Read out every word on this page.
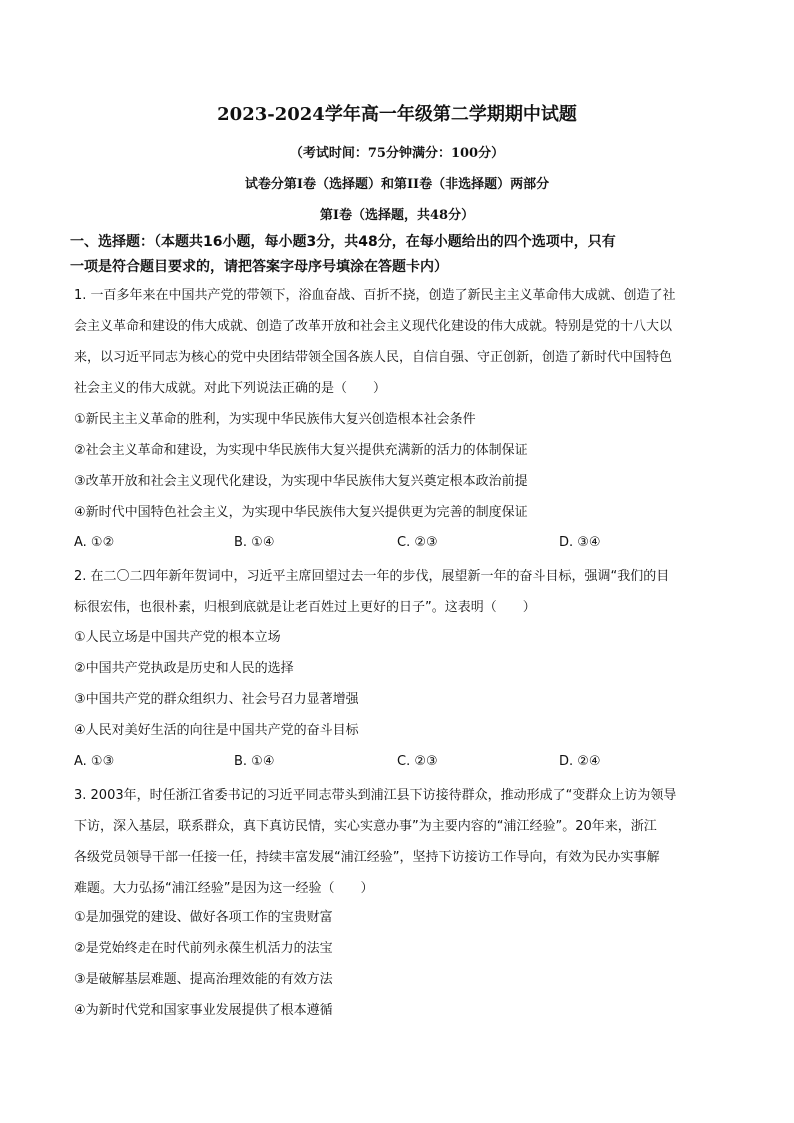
2023-2024学年高一年级第二学期期中试题
（考试时间：75分钟满分：100分）
试卷分第Ⅰ卷（选择题）和第II卷（非选择题）两部分
第Ⅰ卷（选择题，共48分）
一、选择题：（本题共16小题，每小题3分，共48分，在每小题给出的四个选项中，只有
一项是符合题目要求的，请把答案字母序号填涂在答题卡内）
1. 一百多年来在中国共产党的带领下，浴血奋战、百折不挠，创造了新民主主义革命伟大成就、创造了社
会主义革命和建设的伟大成就、创造了改革开放和社会主义现代化建设的伟大成就。特别是党的十八大以
来，以习近平同志为核心的党中央团结带领全国各族人民，自信自强、守正创新，创造了新时代中国特色
社会主义的伟大成就。对此下列说法正确的是（　　）
①新民主主义革命的胜利，为实现中华民族伟大复兴创造根本社会条件
②社会主义革命和建设，为实现中华民族伟大复兴提供充满新的活力的体制保证
③改革开放和社会主义现代化建设，为实现中华民族伟大复兴奠定根本政治前提
④新时代中国特色社会主义，为实现中华民族伟大复兴提供更为完善的制度保证
A. ①②	B. ①④	C. ②③	D. ③④
2. 在二〇二四年新年贺词中，习近平主席回望过去一年的步伐，展望新一年的奋斗目标，强调“我们的目
标很宏伟，也很朴素，归根到底就是让老百姓过上更好的日子”。这表明（　　）
①人民立场是中国共产党的根本立场
②中国共产党执政是历史和人民的选择
③中国共产党的群众组织力、社会号召力显著增强
④人民对美好生活的向往是中国共产党的奋斗目标
A. ①③	B. ①④	C. ②③	D. ②④
3. 2003年，时任浙江省委书记的习近平同志带头到浦江县下访接待群众，推动形成了“变群众上访为领导
下访，深入基层，联系群众，真下真访民情，实心实意办事”为主要内容的“浦江经验”。20年来，浙江
各级党员领导干部一任接一任，持续丰富发展“浦江经验”，坚持下访接访工作导向，有效为民办实事解
难题。大力弘扬“浦江经验”是因为这一经验（　　）
①是加强党的建设、做好各项工作的宝贵财富
②是党始终走在时代前列永葆生机活力的法宝
③是破解基层难题、提高治理效能的有效方法
④为新时代党和国家事业发展提供了根本遵循
